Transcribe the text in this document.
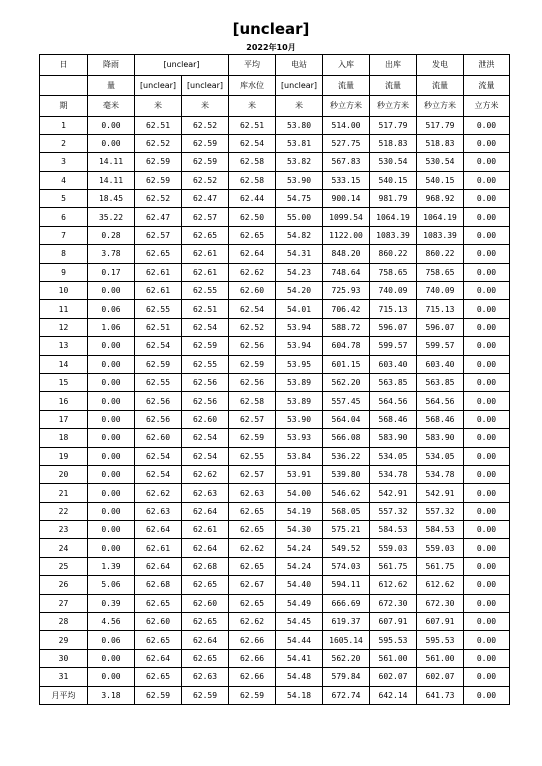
[unclear]
2022年10月
日	降雨	[unclear]		平均	电站	入库	出库	发电	泄洪
	量	[unclear]	[unclear]	库水位	[unclear]	流量	流量	流量	流量
期	毫米	米	米	米	米	秒立方米	秒立方米	秒立方米	立方米
1	0.00	62.51	62.52	62.51	53.80	514.00	517.79	517.79	0.00
2	0.00	62.52	62.59	62.54	53.81	527.75	518.83	518.83	0.00
3	14.11	62.59	62.59	62.58	53.82	567.83	530.54	530.54	0.00
4	14.11	62.59	62.52	62.58	53.90	533.15	540.15	540.15	0.00
5	18.45	62.52	62.47	62.44	54.75	900.14	981.79	968.92	0.00
6	35.22	62.47	62.57	62.50	55.00	1099.54	1064.19	1064.19	0.00
7	0.28	62.57	62.65	62.65	54.82	1122.00	1083.39	1083.39	0.00
8	3.78	62.65	62.61	62.64	54.31	848.20	860.22	860.22	0.00
9	0.17	62.61	62.61	62.62	54.23	748.64	758.65	758.65	0.00
10	0.00	62.61	62.55	62.60	54.20	725.93	740.09	740.09	0.00
11	0.06	62.55	62.51	62.54	54.01	706.42	715.13	715.13	0.00
12	1.06	62.51	62.54	62.52	53.94	588.72	596.07	596.07	0.00
13	0.00	62.54	62.59	62.56	53.94	604.78	599.57	599.57	0.00
14	0.00	62.59	62.55	62.59	53.95	601.15	603.40	603.40	0.00
15	0.00	62.55	62.56	62.56	53.89	562.20	563.85	563.85	0.00
16	0.00	62.56	62.56	62.58	53.89	557.45	564.56	564.56	0.00
17	0.00	62.56	62.60	62.57	53.90	564.04	568.46	568.46	0.00
18	0.00	62.60	62.54	62.59	53.93	566.08	583.90	583.90	0.00
19	0.00	62.54	62.54	62.55	53.84	536.22	534.05	534.05	0.00
20	0.00	62.54	62.62	62.57	53.91	539.80	534.78	534.78	0.00
21	0.00	62.62	62.63	62.63	54.00	546.62	542.91	542.91	0.00
22	0.00	62.63	62.64	62.65	54.19	568.05	557.32	557.32	0.00
23	0.00	62.64	62.61	62.65	54.30	575.21	584.53	584.53	0.00
24	0.00	62.61	62.64	62.62	54.24	549.52	559.03	559.03	0.00
25	1.39	62.64	62.68	62.65	54.24	574.03	561.75	561.75	0.00
26	5.06	62.68	62.65	62.67	54.40	594.11	612.62	612.62	0.00
27	0.39	62.65	62.60	62.65	54.49	666.69	672.30	672.30	0.00
28	4.56	62.60	62.65	62.62	54.45	619.37	607.91	607.91	0.00
29	0.06	62.65	62.64	62.66	54.44	1605.14	595.53	595.53	0.00
30	0.00	62.64	62.65	62.66	54.41	562.20	561.00	561.00	0.00
31	0.00	62.65	62.63	62.66	54.48	579.84	602.07	602.07	0.00
月平均	3.18	62.59	62.59	62.59	54.18	672.74	642.14	641.73	0.00
